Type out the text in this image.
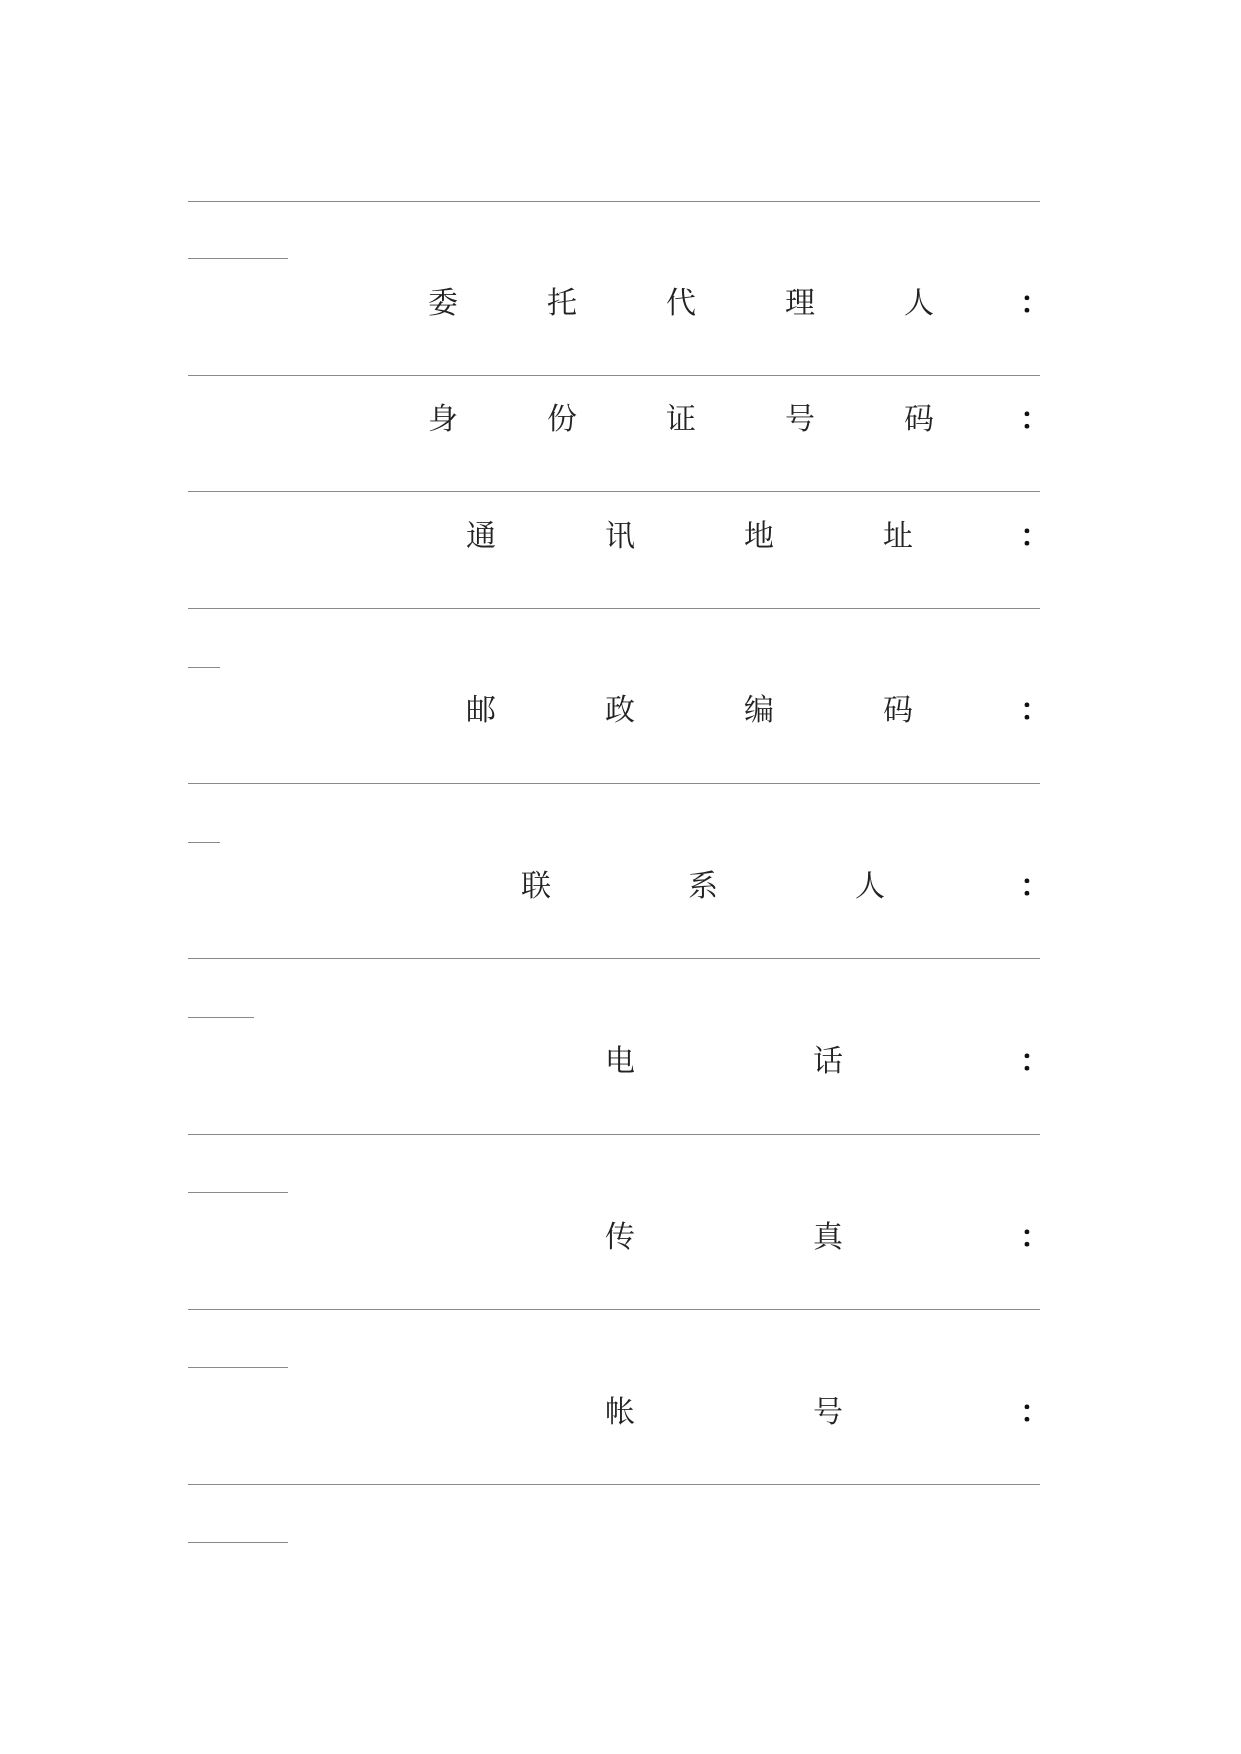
委	托	代	理	人	：
身	份	证	号	码	：
通	讯	地	址	：
邮	政	编	码	：
联	系	人	：
电	话	：
传	真	：
帐	号	：
